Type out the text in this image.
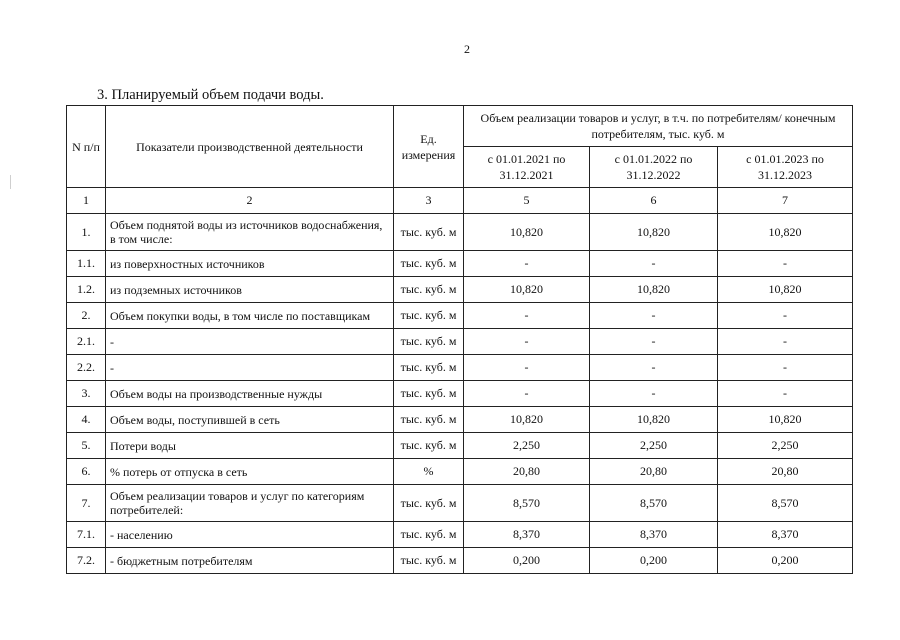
2
3. Планируемый объем подачи воды.
N п/п	Показатели производственной деятельности	Ед. измерения	Объем реализации товаров и услуг, в т.ч. по потребителям/ конечным потребителям, тыс. куб. м		
			с 01.01.2021 по 31.12.2021	с 01.01.2022 по 31.12.2022	с 01.01.2023 по 31.12.2023
1	2	3	5	6	7
1.	Объем поднятой воды из источников водоснабжения, в том числе:	тыс. куб. м	10,820	10,820	10,820
1.1.	из поверхностных источников	тыс. куб. м	-	-	-
1.2.	из подземных источников	тыс. куб. м	10,820	10,820	10,820
2.	Объем покупки воды, в том числе по поставщикам	тыс. куб. м	-	-	-
2.1.	-	тыс. куб. м	-	-	-
2.2.	-	тыс. куб. м	-	-	-
3.	Объем воды на производственные нужды	тыс. куб. м	-	-	-
4.	Объем воды, поступившей в сеть	тыс. куб. м	10,820	10,820	10,820
5.	Потери воды	тыс. куб. м	2,250	2,250	2,250
6.	% потерь от отпуска в сеть	%	20,80	20,80	20,80
7.	Объем реализации товаров и услуг по категориям потребителей:	тыс. куб. м	8,570	8,570	8,570
7.1.	- населению	тыс. куб. м	8,370	8,370	8,370
7.2.	- бюджетным потребителям	тыс. куб. м	0,200	0,200	0,200
